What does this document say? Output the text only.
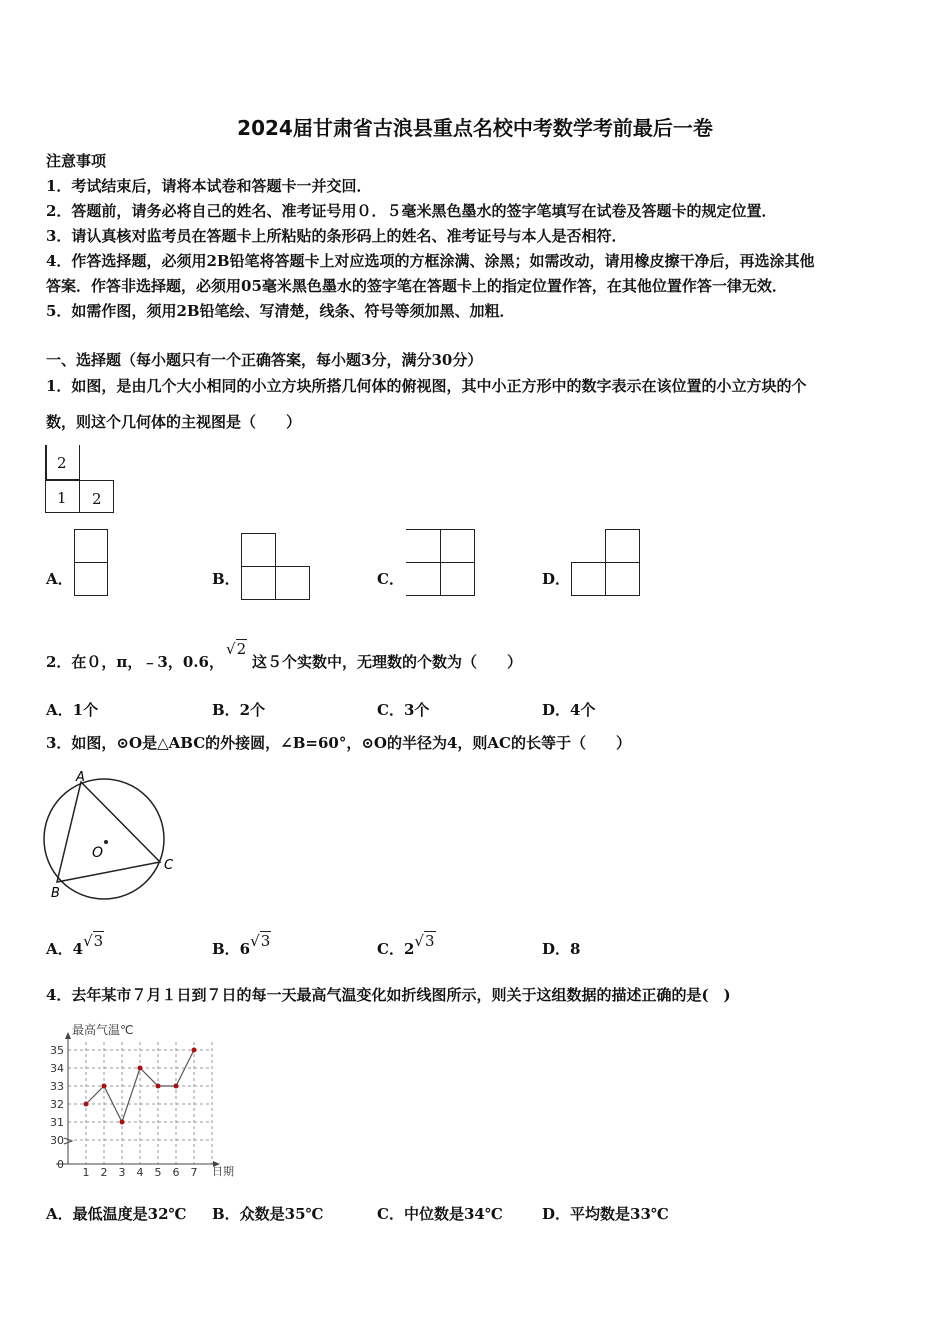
2024届甘肃省古浪县重点名校中考数学考前最后一卷
注意事项
1．考试结束后，请将本试卷和答题卡一并交回．
2．答题前，请务必将自己的姓名、准考证号用０．５毫米黑色墨水的签字笔填写在试卷及答题卡的规定位置．
3．请认真核对监考员在答题卡上所粘贴的条形码上的姓名、准考证号与本人是否相符．
4．作答选择题，必须用2B铅笔将答题卡上对应选项的方框涂满、涂黑；如需改动，请用橡皮擦干净后，再选涂其他
答案．作答非选择题，必须用05毫米黑色墨水的签字笔在答题卡上的指定位置作答，在其他位置作答一律无效．
5．如需作图，须用2B铅笔绘、写清楚，线条、符号等须加黑、加粗．
一、选择题（每小题只有一个正确答案，每小题3分，满分30分）
1．如图，是由几个大小相同的小立方块所搭几何体的俯视图，其中小正方形中的数字表示在该位置的小立方块的个
数，则这个几何体的主视图是（　　）
2
1 2
A．	B．	C．	D．
2．在０，π，﹣3，0.6，
√2
这５个实数中，无理数的个数为（　　）
A．1个	B．2个	C．3个	D．4个
3．如图，⊙O是△ABC的外接圆，∠B=60°，⊙O的半径为4，则AC的长等于（　　）
A
B
C
O
A．4√3	B．6√3	C．2√3	D．8
4．去年某市７月１日到７日的每一天最高气温变化如折线图所示，则关于这组数据的描述正确的是(　)
最高气温℃
日期
0
30
31
32
33
34
35
1 2 3 4 5 6 7
A．最低温度是32℃ B．众数是35℃	C．中位数是34℃	D．平均数是33℃
